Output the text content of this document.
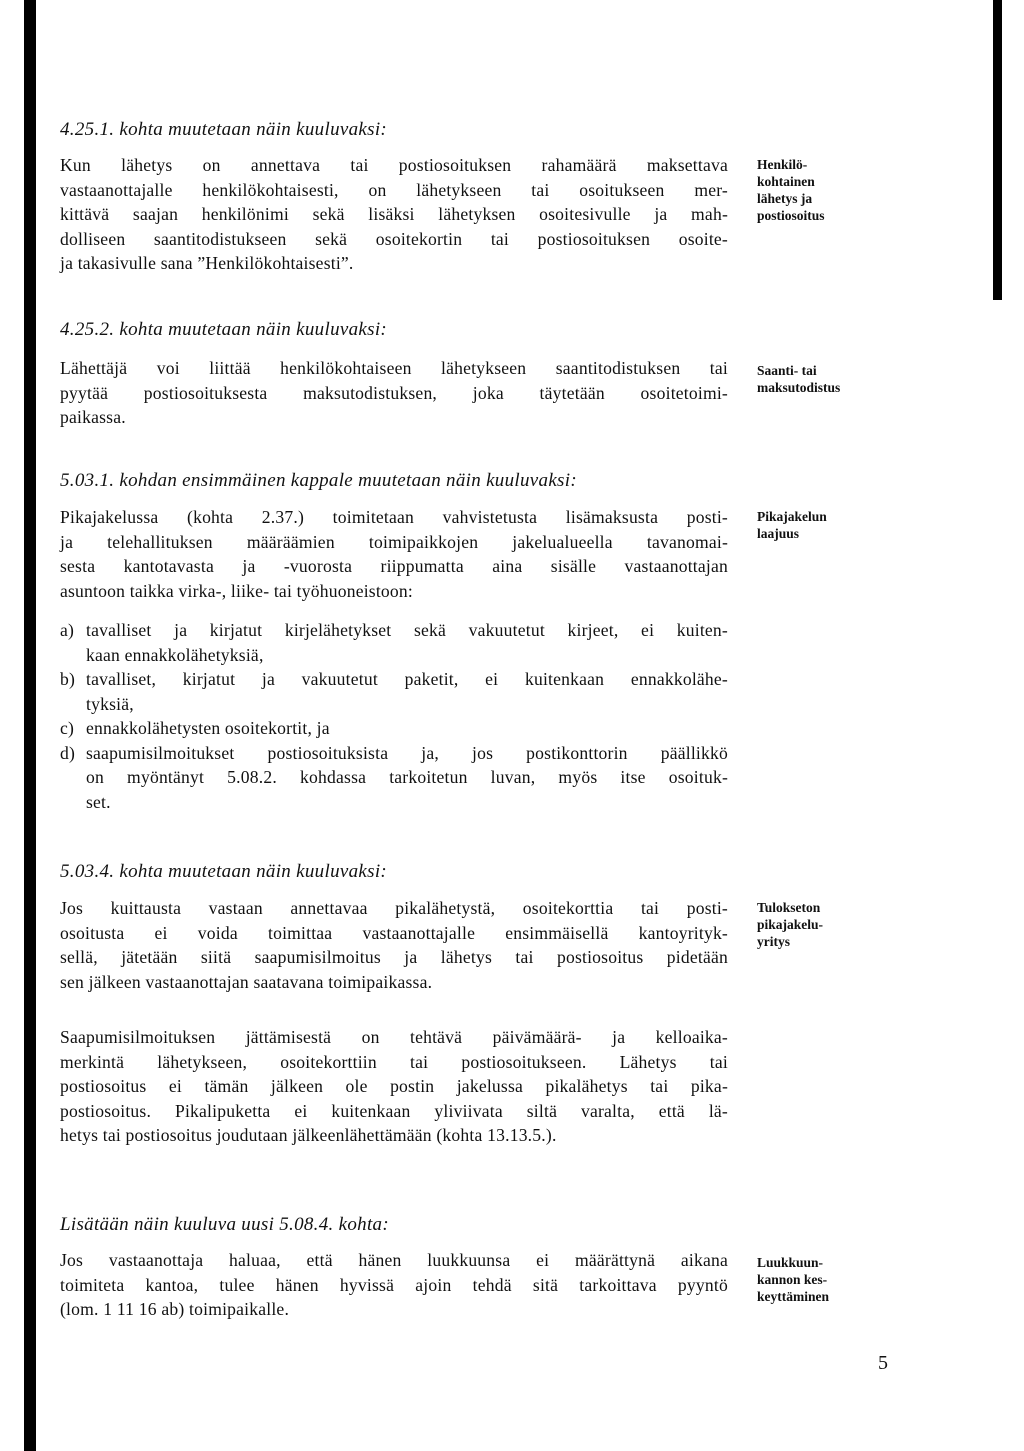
4.25.1. kohta muutetaan näin kuuluvaksi:

Kun lähetys on annettava tai postiosoituksen rahamäärä maksettava
vastaanottajalle henkilökohtaisesti, on lähetykseen tai osoitukseen mer-
kittävä saajan henkilönimi sekä lisäksi lähetyksen osoitesivulle ja mah-
dolliseen saantitodistukseen sekä osoitekortin tai postiosoituksen osoite-
ja takasivulle sana ”Henkilökohtaisesti”.
Henkilö-
kohtainen
lähetys ja
postiosoitus

4.25.2. kohta muutetaan näin kuuluvaksi:

Lähettäjä voi liittää henkilökohtaiseen lähetykseen saantitodistuksen tai
pyytää postiosoituksesta maksutodistuksen, joka täytetään osoitetoimi-
paikassa.
Saanti- tai
maksutodistus

5.03.1. kohdan ensimmäinen kappale muutetaan näin kuuluvaksi:

Pikajakelussa (kohta 2.37.) toimitetaan vahvistetusta lisämaksusta posti-
ja telehallituksen määräämien toimipaikkojen jakelualueella tavanomai-
sesta kantotavasta ja -vuorosta riippumatta aina sisälle vastaanottajan
asuntoon taikka virka-, liike- tai työhuoneistoon:
a) tavalliset ja kirjatut kirjelähetykset sekä vakuutetut kirjeet, ei kuiten-
kaan ennakkolähetyksiä,
b) tavalliset, kirjatut ja vakuutetut paketit, ei kuitenkaan ennakkolähe-
tyksiä,
c) ennakkolähetysten osoitekortit, ja
d) saapumisilmoitukset postiosoituksista ja, jos postikonttorin päällikkö
on myöntänyt 5.08.2. kohdassa tarkoitetun luvan, myös itse osoituk-
set.
Pikajakelun
laajuus

5.03.4. kohta muutetaan näin kuuluvaksi:

Jos kuittausta vastaan annettavaa pikalähetystä, osoitekorttia tai posti-
osoitusta ei voida toimittaa vastaanottajalle ensimmäisellä kantoyrityk-
sellä, jätetään siitä saapumisilmoitus ja lähetys tai postiosoitus pidetään
sen jälkeen vastaanottajan saatavana toimipaikassa.
Saapumisilmoituksen jättämisestä on tehtävä päivämäärä- ja kelloaika-
merkintä lähetykseen, osoitekorttiin tai postiosoitukseen. Lähetys tai
postiosoitus ei tämän jälkeen ole postin jakelussa pikalähetys tai pika-
postiosoitus. Pikalipuketta ei kuitenkaan yliviivata siltä varalta, että lä-
hetys tai postiosoitus joudutaan jälkeenlähettämään (kohta 13.13.5.).
Tulokseton
pikajakelu-
yritys

Lisätään näin kuuluva uusi 5.08.4. kohta:

Jos vastaanottaja haluaa, että hänen luukkuunsa ei määrättynä aikana
toimiteta kantoa, tulee hänen hyvissä ajoin tehdä sitä tarkoittava pyyntö
(lom. 1 11 16 ab) toimipaikalle.
Luukkuun-
kannon kes-
keyttäminen
5
